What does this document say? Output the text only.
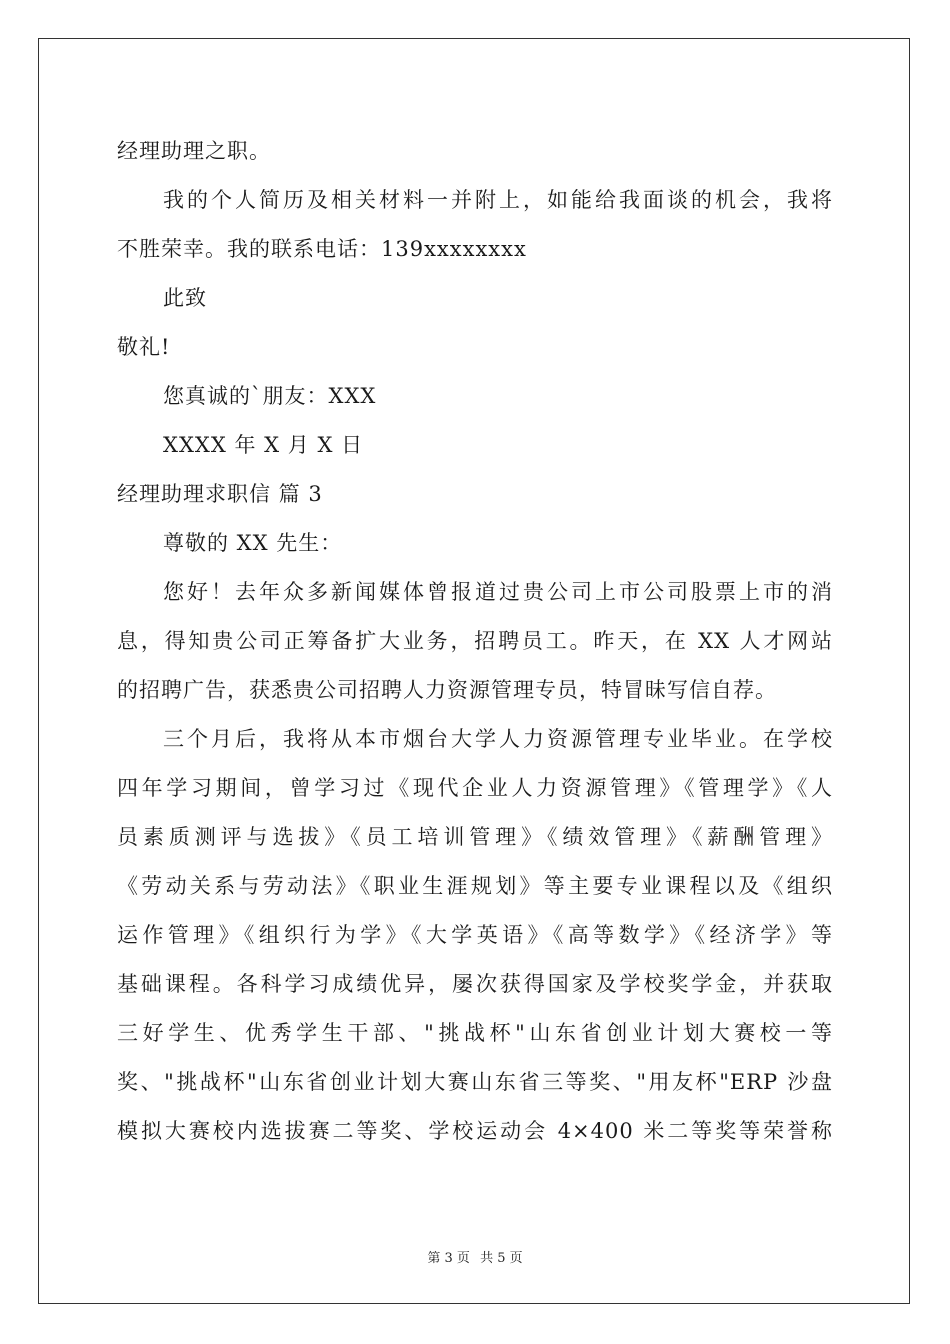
经理助理之职。
我的个人简历及相关材料一并附上，如能给我面谈的机会，我将
不胜荣幸。我的联系电话：139xxxxxxxx
此致
敬礼!
您真诚的`朋友：XXX
XXXX 年 X 月 X 日
经理助理求职信 篇 3
尊敬的 XX 先生：
您好！去年众多新闻媒体曾报道过贵公司上市公司股票上市的消
息，得知贵公司正筹备扩大业务，招聘员工。昨天，在 XX 人才网站
的招聘广告，获悉贵公司招聘人力资源管理专员，特冒昧写信自荐。
三个月后，我将从本市烟台大学人力资源管理专业毕业。在学校
四年学习期间，曾学习过《现代企业人力资源管理》《管理学》《人
员素质测评与选拔》《员工培训管理》《绩效管理》《薪酬管理》
《劳动关系与劳动法》《职业生涯规划》等主要专业课程以及《组织
运作管理》《组织行为学》《大学英语》《高等数学》《经济学》等
基础课程。各科学习成绩优异，屡次获得国家及学校奖学金，并获取
三好学生、优秀学生干部、"挑战杯"山东省创业计划大赛校一等
奖、"挑战杯"山东省创业计划大赛山东省三等奖、"用友杯"ERP 沙盘
模拟大赛校内选拔赛二等奖、学校运动会 4×400 米二等奖等荣誉称
第 3 页 共 5 页
